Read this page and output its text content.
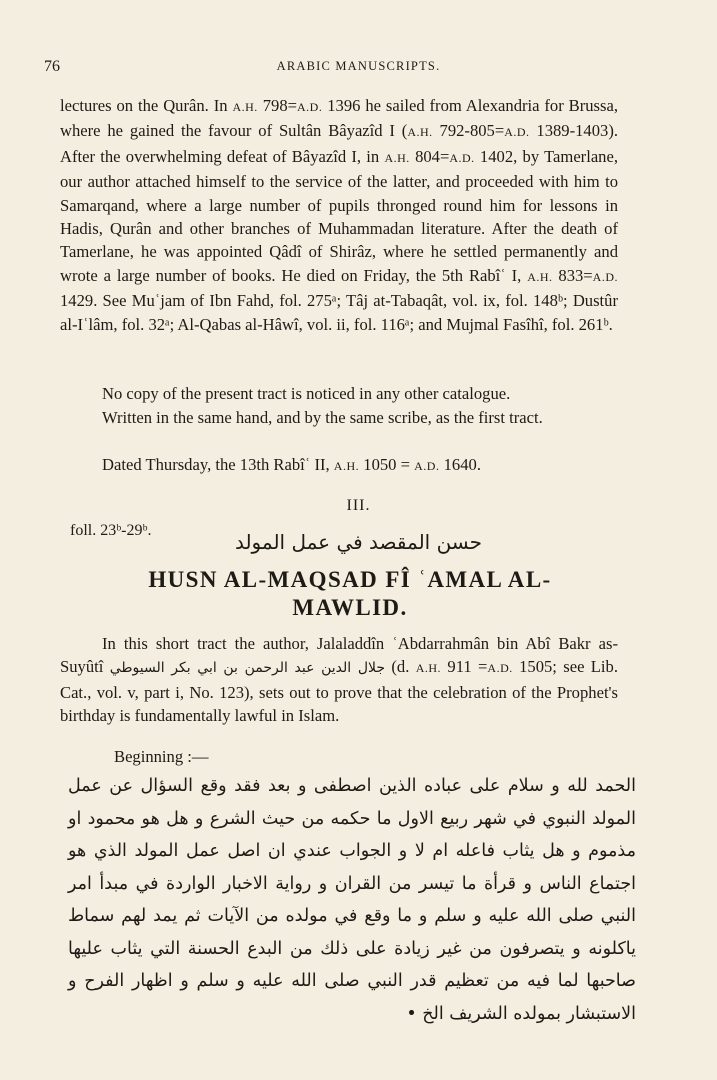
76	ARABIC MANUSCRIPTS.

lectures on the Qurân. In A.H. 798=A.D. 1396 he sailed from Alexandria for Brussa, where he gained the favour of Sultân Bâyazîd I (A.H. 792-805=A.D. 1389-1403). After the overwhelming defeat of Bâyazîd I, in A.H. 804=A.D. 1402, by Tamerlane, our author attached himself to the service of the latter, and proceeded with him to Samarqand, where a large number of pupils thronged round him for lessons in Hadis, Qurân and other branches of Muhammadan literature. After the death of Tamerlane, he was appointed Qâdî of Shirâz, where he settled permanently and wrote a large number of books. He died on Friday, the 5th Rabîʿ I, A.H. 833=A.D. 1429. See Muʿjam of Ibn Fahd, fol. 275ᵃ; Tâj at-Tabaqât, vol. ix, fol. 148ᵇ; Dustûr al-Iʿlâm, fol. 32ᵃ; Al-Qabas al-Hâwî, vol. ii, fol. 116ᵃ; and Mujmal Fasîhî, fol. 261ᵇ.

No copy of the present tract is noticed in any other catalogue.

Written in the same hand, and by the same scribe, as the first tract.

Dated Thursday, the 13th Rabîʿ II, A.H. 1050 = A.D. 1640.

III.
foll. 23ᵇ-29ᵇ.	حسن المقصد في عمل المولد
HUSN AL-MAQSAD FÎ ʿAMAL AL-MAWLID.

In this short tract the author, Jalaladdîn ʿAbdarrahmân bin Abî Bakr as-Suyûtî جلال الدين عبد الرحمن بن ابي بكر السيوطي (d. A.H. 911 =A.D. 1505; see Lib. Cat., vol. v, part i, No. 123), sets out to prove that the celebration of the Prophet's birthday is fundamentally lawful in Islam.

Beginning :—
الحمد لله و سلام على عباده الذين اصطفى و بعد فقد وقع السؤال عن عمل المولد النبوي في شهر ربيع الاول ما حكمه من حيث الشرع و هل هو محمود او مذموم و هل يثاب فاعله ام لا و الجواب عندي ان اصل عمل المولد الذي هو اجتماع الناس و قرأة ما تيسر من القران و رواية الاخبار الواردة في مبدأ امر النبي صلى الله عليه و سلم و ما وقع في مولده من الآيات ثم يمد لهم سماط ياكلونه و يتصرفون من غير زيادة على ذلك من البدع الحسنة التي يثاب عليها صاحبها لما فيه من تعظيم قدر النبي صلى الله عليه و سلم و اظهار الفرح و الاستبشار بمولده الشريف الخ •
